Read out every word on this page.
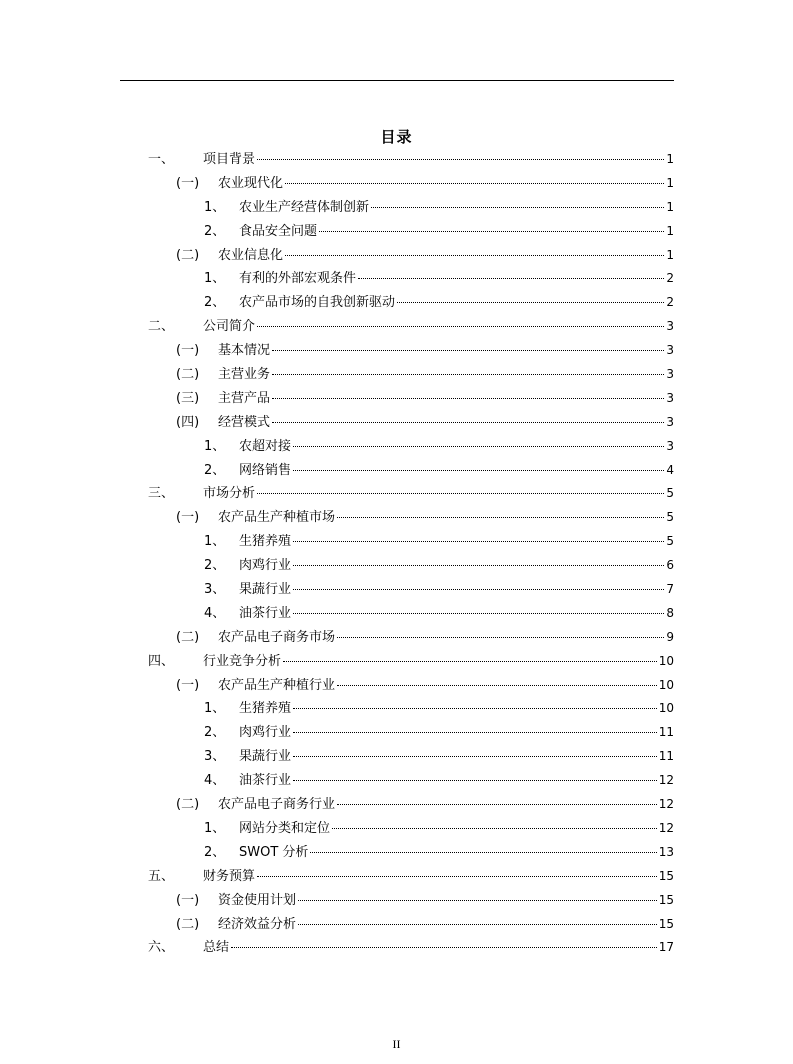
目录
一、	项目背景	1
(一)	农业现代化	1
1、	农业生产经营体制创新	1
2、	食品安全问题	1
(二)	农业信息化	1
1、	有利的外部宏观条件	2
2、	农产品市场的自我创新驱动	2
二、	公司简介	3
(一)	基本情况	3
(二)	主营业务	3
(三)	主营产品	3
(四)	经营模式	3
1、	农超对接	3
2、	网络销售	4
三、	市场分析	5
(一)	农产品生产种植市场	5
1、	生猪养殖	5
2、	肉鸡行业	6
3、	果蔬行业	7
4、	油茶行业	8
(二)	农产品电子商务市场	9
四、	行业竞争分析	10
(一)	农产品生产种植行业	10
1、	生猪养殖	10
2、	肉鸡行业	11
3、	果蔬行业	11
4、	油茶行业	12
(二)	农产品电子商务行业	12
1、	网站分类和定位	12
2、	SWOT 分析	13
五、	财务预算	15
(一)	资金使用计划	15
(二)	经济效益分析	15
六、	总结	17
II
